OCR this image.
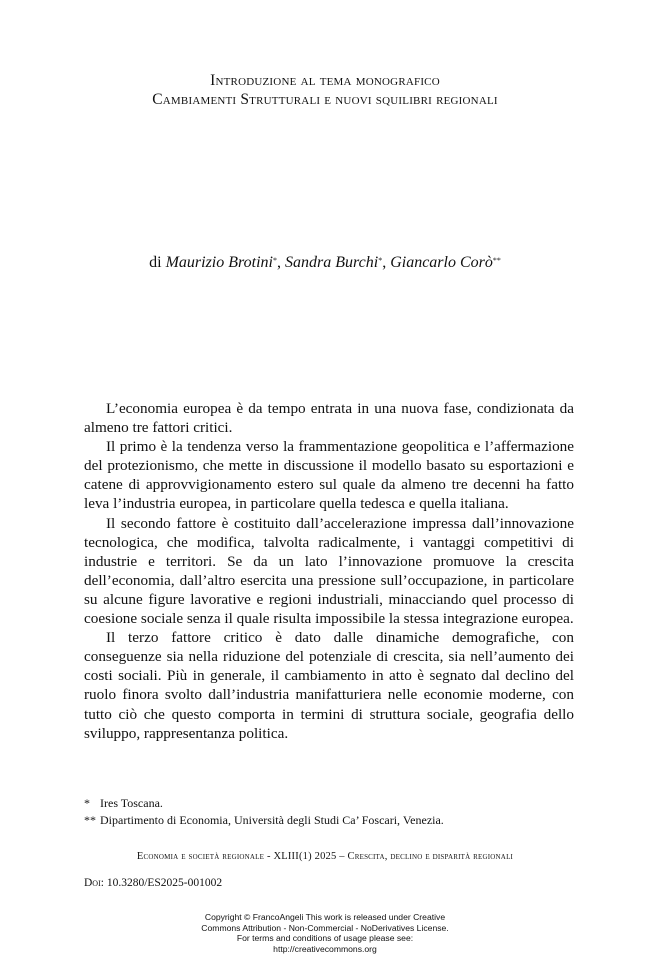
Introduzione al tema monografico
Cambiamenti Strutturali e nuovi squilibri regionali
di Maurizio Brotini*, Sandra Burchi*, Giancarlo Corò**

L’economia europea è da tempo entrata in una nuova fase, condizionata da almeno tre fattori critici.

Il primo è la tendenza verso la frammentazione geopolitica e l’affermazione del protezionismo, che mette in discussione il modello basato su esportazioni e catene di approvvigionamento estero sul quale da almeno tre decenni ha fatto leva l’industria europea, in particolare quella tedesca e quella italiana.

Il secondo fattore è costituito dall’accelerazione impressa dall’innovazione tecnologica, che modifica, talvolta radicalmente, i vantaggi competitivi di industrie e territori. Se da un lato l’innovazione promuove la crescita dell’economia, dall’altro esercita una pressione sull’occupazione, in particolare su alcune figure lavorative e regioni industriali, minacciando quel processo di coesione sociale senza il quale risulta impossibile la stessa integrazione europea.

Il terzo fattore critico è dato dalle dinamiche demografiche, con conseguenze sia nella riduzione del potenziale di crescita, sia nell’aumento dei costi sociali. Più in generale, il cambiamento in atto è segnato dal declino del ruolo finora svolto dall’industria manifatturiera nelle economie moderne, con tutto ciò che questo comporta in termini di struttura sociale, geografia dello sviluppo, rappresentanza politica.

* Ires Toscana.
** Dipartimento di Economia, Università degli Studi Ca’ Foscari, Venezia.
Economia e società regionale - XLIII(1) 2025 – Crescita, declino e disparità regionali
Doi: 10.3280/ES2025-001002
Copyright © FrancoAngeli This work is released under Creative
Commons Attribution - Non-Commercial - NoDerivatives License.
For terms and conditions of usage please see:
http://creativecommons.org
